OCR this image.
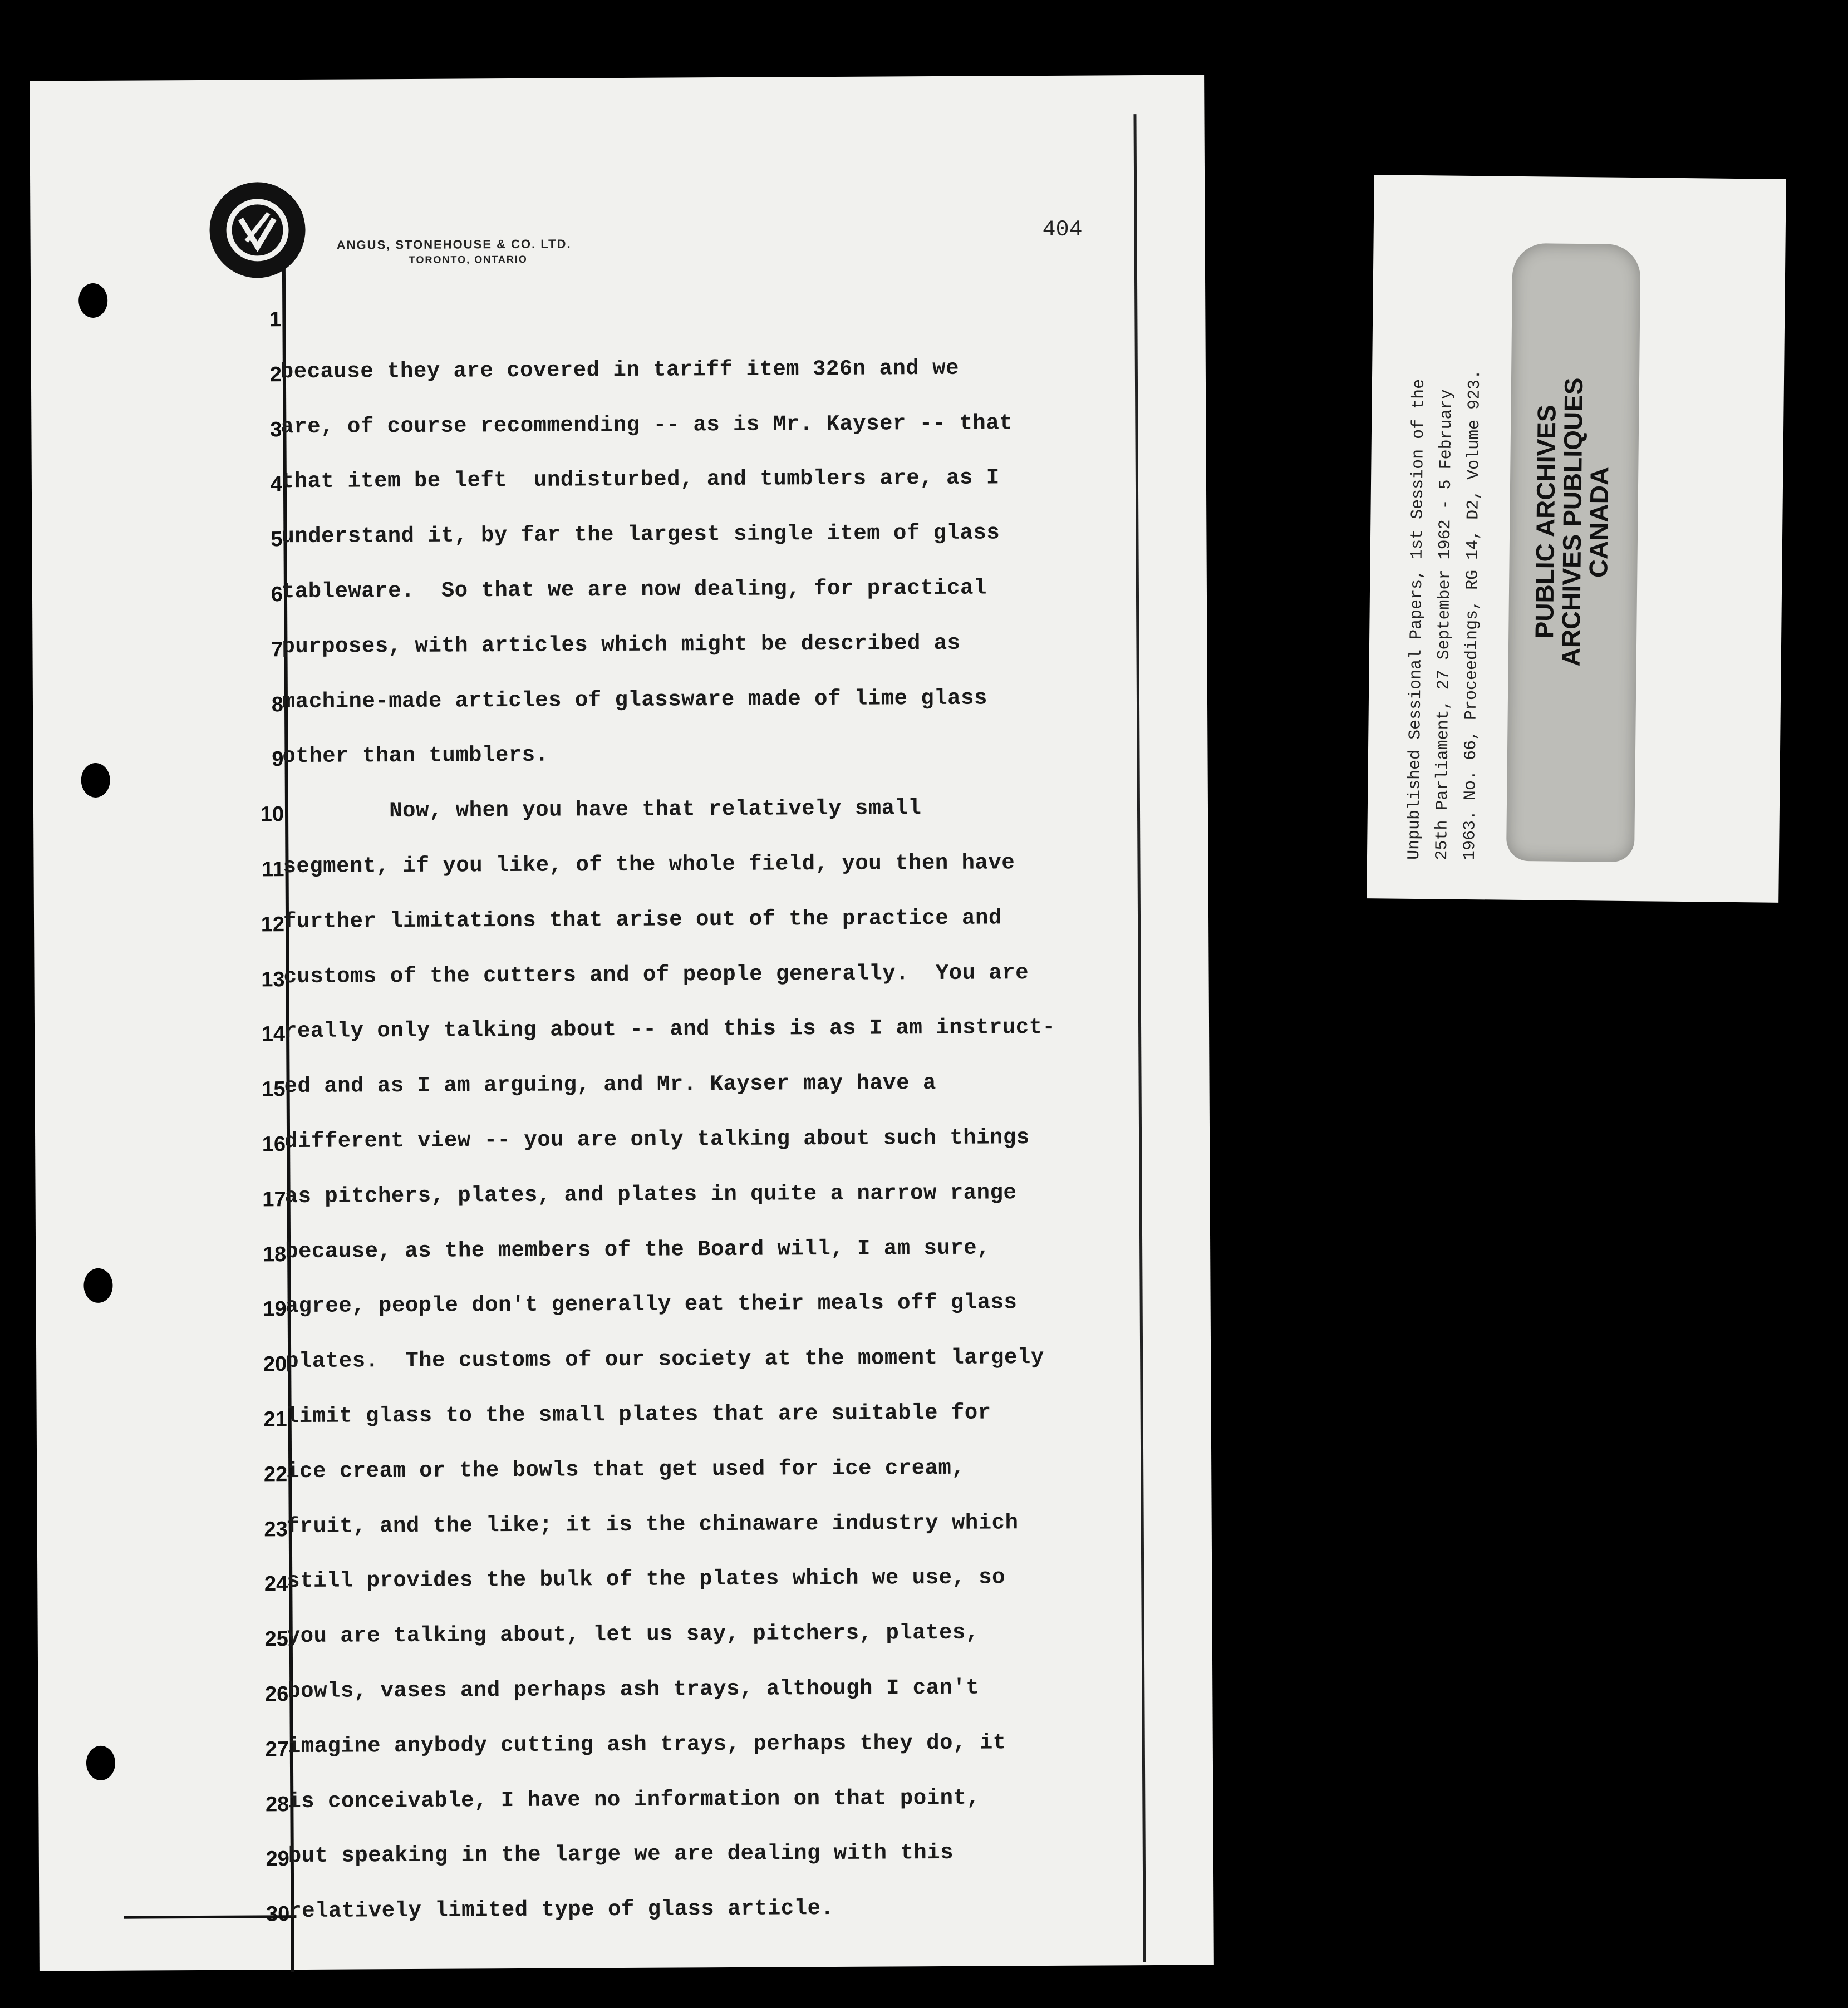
ANGUS, STONEHOUSE & CO. LTD.
TORONTO, ONTARIO
404
1
2
3
4
5
6
7
8
9
10
11
12
13
14
15
16
17
18
19
20
21
22
23
24
25
26
27
28
29
30
because they are covered in tariff item 326n and we
are, of course recommending -- as is Mr. Kayser -- that
that item be left  undisturbed, and tumblers are, as I
understand it, by far the largest single item of glass
tableware.  So that we are now dealing, for practical
purposes, with articles which might be described as
machine-made articles of glassware made of lime glass
other than tumblers.
Now, when you have that relatively small
segment, if you like, of the whole field, you then have
further limitations that arise out of the practice and
customs of the cutters and of people generally.  You are
really only talking about -- and this is as I am instruct-
ed and as I am arguing, and Mr. Kayser may have a
different view -- you are only talking about such things
as pitchers, plates, and plates in quite a narrow range
because, as the members of the Board will, I am sure,
agree, people don't generally eat their meals off glass
plates.  The customs of our society at the moment largely
limit glass to the small plates that are suitable for
ice cream or the bowls that get used for ice cream,
fruit, and the like; it is the chinaware industry which
still provides the bulk of the plates which we use, so
you are talking about, let us say, pitchers, plates,
bowls, vases and perhaps ash trays, although I can't
imagine anybody cutting ash trays, perhaps they do, it
is conceivable, I have no information on that point,
but speaking in the large we are dealing with this
relatively limited type of glass article.
Unpublished Sessional Papers, 1st Session of the 25th Parliament, 27 September 1962 - 5 February 1963. No. 66, Proceedings, RG 14, D2, Volume 923. PUBLIC ARCHIVES
ARCHIVES PUBLIQUES
CANADA
